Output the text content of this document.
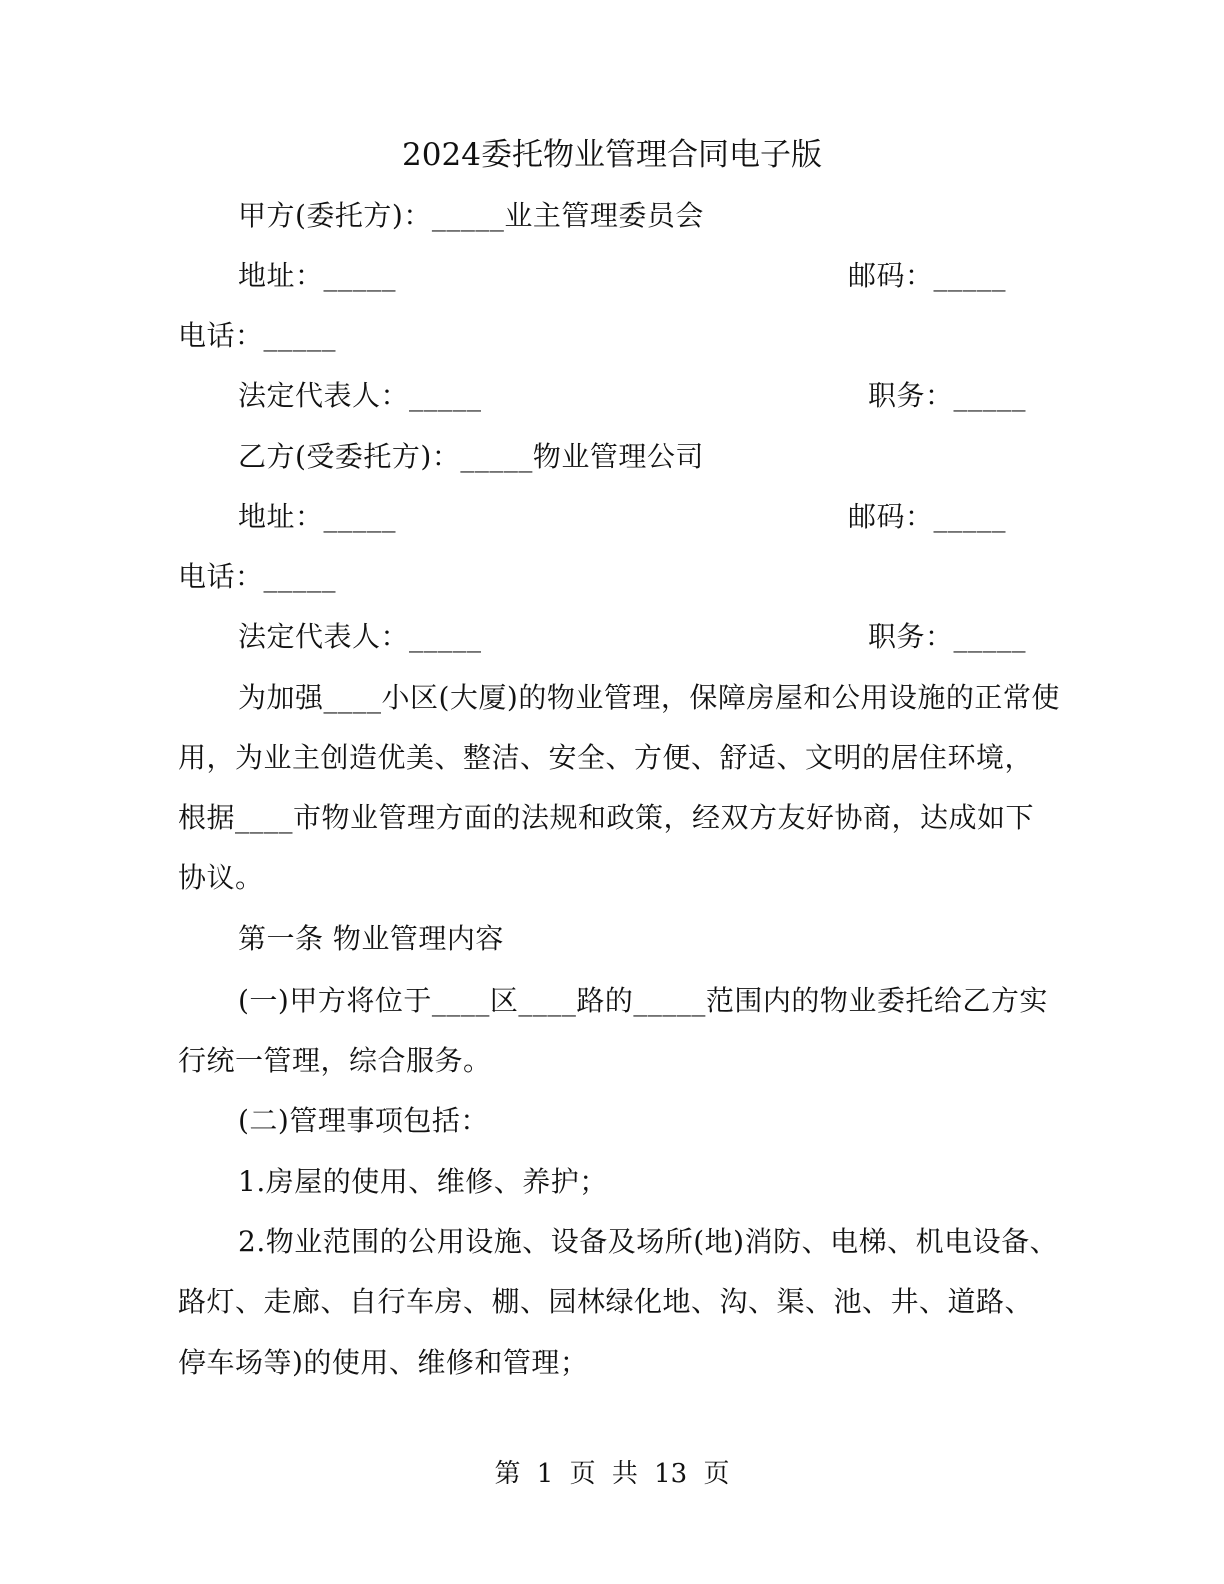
2024委托物业管理合同电子版
甲方(委托方)：_____业主管理委员会
地址：_____	邮码：_____
电话：_____
法定代表人：_____	职务：_____
乙方(受委托方)：_____物业管理公司
地址：_____	邮码：_____
电话：_____
法定代表人：_____	职务：_____
为加强____小区(大厦)的物业管理，保障房屋和公用设施的正常使
用，为业主创造优美、整洁、安全、方便、舒适、文明的居住环境，
根据____市物业管理方面的法规和政策，经双方友好协商，达成如下
协议。
第一条 物业管理内容
(一)甲方将位于____区____路的_____范围内的物业委托给乙方实
行统一管理，综合服务。
(二)管理事项包括：
1.房屋的使用、维修、养护；
2.物业范围的公用设施、设备及场所(地)消防、电梯、机电设备、
路灯、走廊、自行车房、棚、园林绿化地、沟、渠、池、井、道路、
停车场等)的使用、维修和管理；
第 1 页 共 13 页
